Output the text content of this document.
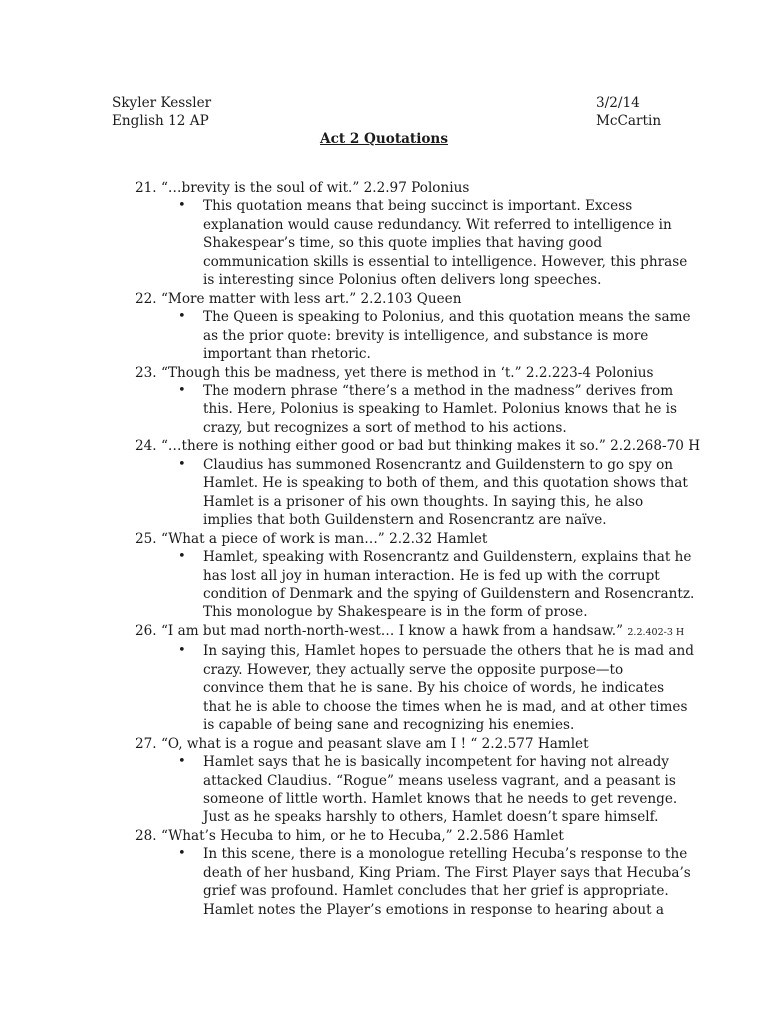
Skyler Kessler
English 12 AP
3/2/14
McCartin
Act 2 Quotations
21. “…brevity is the soul of wit.” 2.2.97 Polonius
• This quotation means that being succinct is important. Excess
explanation would cause redundancy. Wit referred to intelligence in
Shakespear’s time, so this quote implies that having good
communication skills is essential to intelligence. However, this phrase
is interesting since Polonius often delivers long speeches.
22. “More matter with less art.” 2.2.103 Queen
• The Queen is speaking to Polonius, and this quotation means the same
as the prior quote: brevity is intelligence, and substance is more
important than rhetoric.
23. “Though this be madness, yet there is method in ‘t.” 2.2.223-4 Polonius
• The modern phrase “there’s a method in the madness” derives from
this. Here, Polonius is speaking to Hamlet. Polonius knows that he is
crazy, but recognizes a sort of method to his actions.
24. “…there is nothing either good or bad but thinking makes it so.” 2.2.268-70 H
• Claudius has summoned Rosencrantz and Guildenstern to go spy on
Hamlet. He is speaking to both of them, and this quotation shows that
Hamlet is a prisoner of his own thoughts. In saying this, he also
implies that both Guildenstern and Rosencrantz are naïve.
25. “What a piece of work is man…” 2.2.32 Hamlet
• Hamlet, speaking with Rosencrantz and Guildenstern, explains that he
has lost all joy in human interaction. He is fed up with the corrupt
condition of Denmark and the spying of Guildenstern and Rosencrantz.
This monologue by Shakespeare is in the form of prose.
26. “I am but mad north-north-west… I know a hawk from a handsaw.” 2.2.402-3 H
• In saying this, Hamlet hopes to persuade the others that he is mad and
crazy. However, they actually serve the opposite purpose—to
convince them that he is sane. By his choice of words, he indicates
that he is able to choose the times when he is mad, and at other times
is capable of being sane and recognizing his enemies.
27. “O, what is a rogue and peasant slave am I ! “ 2.2.577 Hamlet
• Hamlet says that he is basically incompetent for having not already
attacked Claudius. “Rogue” means useless vagrant, and a peasant is
someone of little worth. Hamlet knows that he needs to get revenge.
Just as he speaks harshly to others, Hamlet doesn’t spare himself.
28. “What’s Hecuba to him, or he to Hecuba,” 2.2.586 Hamlet
• In this scene, there is a monologue retelling Hecuba’s response to the
death of her husband, King Priam. The First Player says that Hecuba’s
grief was profound. Hamlet concludes that her grief is appropriate.
Hamlet notes the Player’s emotions in response to hearing about a
